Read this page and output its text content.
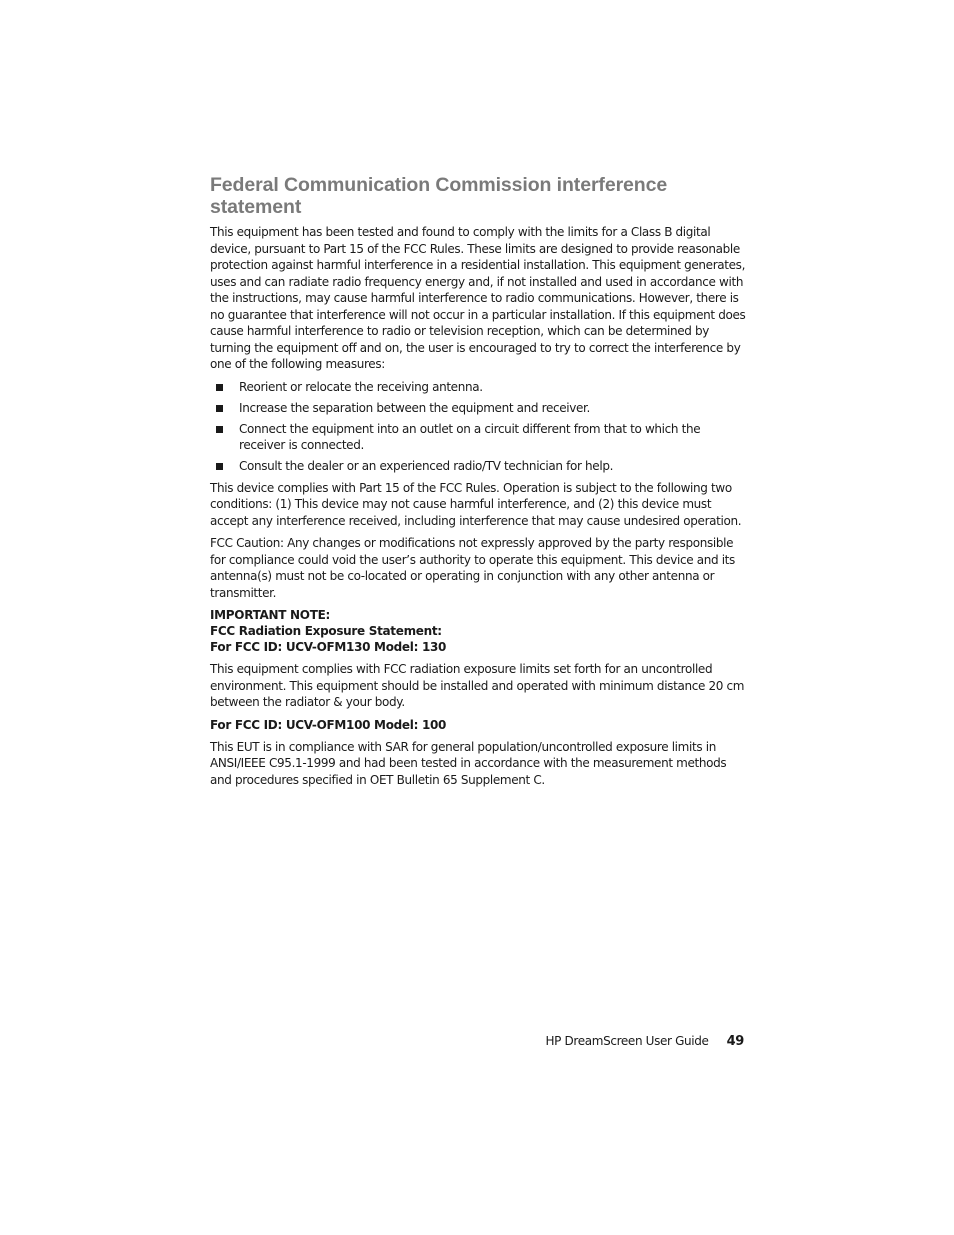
Federal Communication Commission interference
statement

This equipment has been tested and found to comply with the limits for a Class B digital device, pursuant to Part 15 of the FCC Rules. These limits are designed to provide reasonable protection against harmful interference in a residential installation. This equipment generates, uses and can radiate radio frequency energy and, if not installed and used in accordance with the instructions, may cause harmful interference to radio communications. However, there is no guarantee that interference will not occur in a particular installation. If this equipment does cause harmful interference to radio or television reception, which can be determined by turning the equipment off and on, the user is encouraged to try to correct the interference by one of the following measures:

Reorient or relocate the receiving antenna.
Increase the separation between the equipment and receiver.
Connect the equipment into an outlet on a circuit different from that to which the receiver is connected.
Consult the dealer or an experienced radio/TV technician for help.

This device complies with Part 15 of the FCC Rules. Operation is subject to the following two conditions: (1) This device may not cause harmful interference, and (2) this device must accept any interference received, including interference that may cause undesired operation.

FCC Caution: Any changes or modifications not expressly approved by the party responsible for compliance could void the user’s authority to operate this equipment. This device and its antenna(s) must not be co-located or operating in conjunction with any other antenna or transmitter.

IMPORTANT NOTE:
FCC Radiation Exposure Statement:
For FCC ID: UCV-OFM130 Model: 130

This equipment complies with FCC radiation exposure limits set forth for an uncontrolled environment. This equipment should be installed and operated with minimum distance 20 cm between the radiator & your body.

For FCC ID: UCV-OFM100 Model: 100

This EUT is in compliance with SAR for general population/uncontrolled exposure limits in ANSI/IEEE C95.1-1999 and had been tested in accordance with the measurement methods and procedures specified in OET Bulletin 65 Supplement C.

HP DreamScreen User Guide 49
